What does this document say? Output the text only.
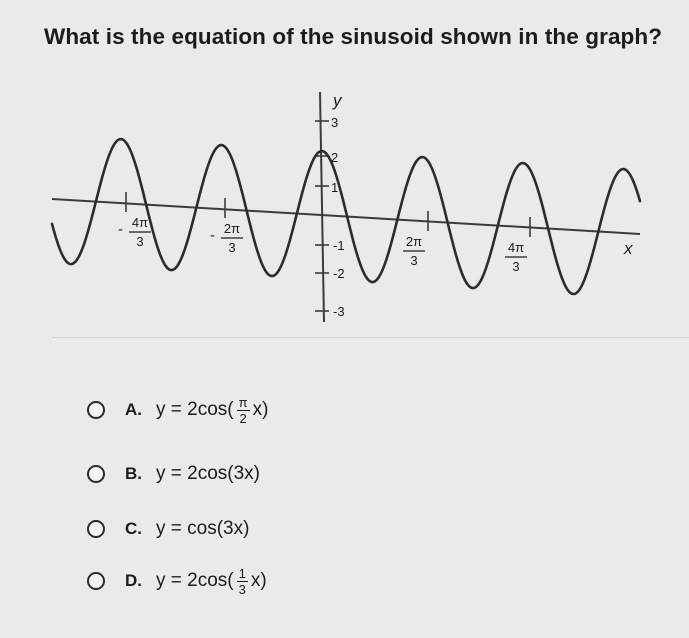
What is the equation of the sinusoid shown in the graph?
y
x
3
2
1
-1
-2
-3
- 4π
3	- 2π
3	2π
3
4π
3
A. $y = 2\cos( \frac{\pi}{2} x)$
B. y = 2cos(3x)
C. y = cos(3x)
D. $y = 2\cos( \frac{1}{3} x)$
